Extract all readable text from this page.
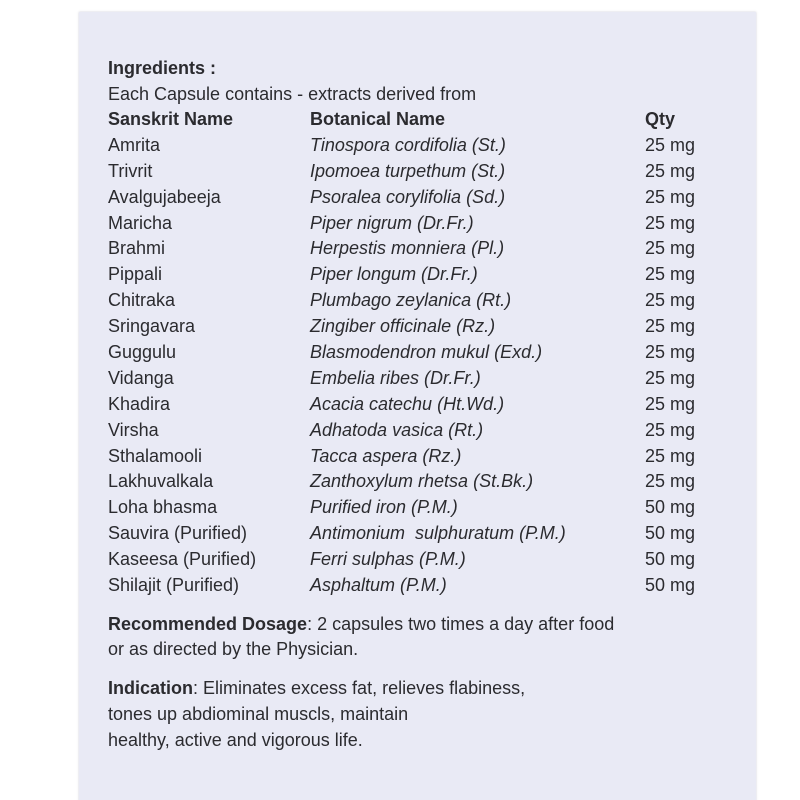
Ingredients :
Each Capsule contains - extracts derived from
Sanskrit Name	Botanical Name	Qty
Amrita	Tinospora cordifolia (St.)	25 mg
Trivrit	Ipomoea turpethum (St.)	25 mg
Avalgujabeeja	Psoralea corylifolia (Sd.)	25 mg
Maricha	Piper nigrum (Dr.Fr.)	25 mg
Brahmi	Herpestis monniera (Pl.)	25 mg
Pippali	Piper longum (Dr.Fr.)	25 mg
Chitraka	Plumbago zeylanica (Rt.)	25 mg
Sringavara	Zingiber officinale (Rz.)	25 mg
Guggulu	Blasmodendron mukul (Exd.)	25 mg
Vidanga	Embelia ribes (Dr.Fr.)	25 mg
Khadira	Acacia catechu (Ht.Wd.)	25 mg
Virsha	Adhatoda vasica (Rt.)	25 mg
Sthalamooli	Tacca aspera (Rz.)	25 mg
Lakhuvalkala	Zanthoxylum rhetsa (St.Bk.)	25 mg
Loha bhasma	Purified iron (P.M.)	50 mg
Sauvira (Purified)	Antimonium  sulphuratum (P.M.)	50 mg
Kaseesa (Purified)	Ferri sulphas (P.M.)	50 mg
Shilajit (Purified)	Asphaltum (P.M.)	50 mg
Recommended Dosage: 2 capsules two times a day after food
or as directed by the Physician.
Indication: Eliminates excess fat, relieves flabiness,
tones up abdiominal muscls, maintain
healthy, active and vigorous life.
